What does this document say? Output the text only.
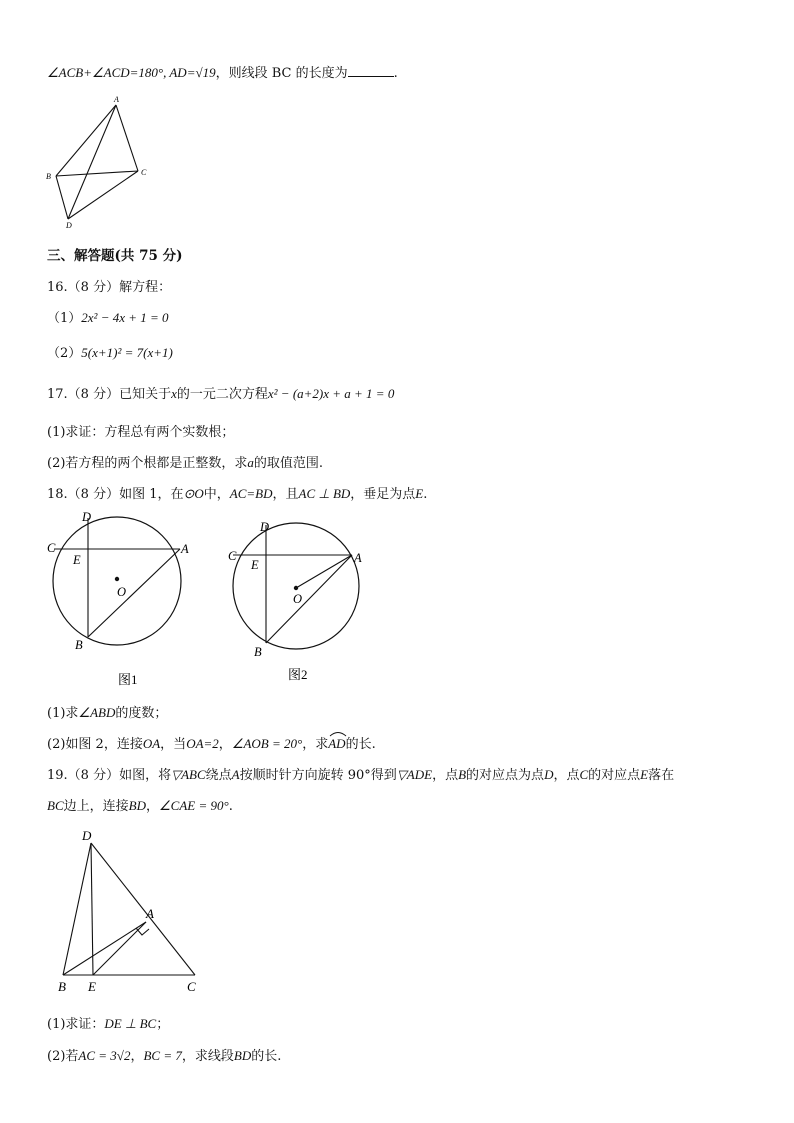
∠ACB+∠ACD=180°, AD=√19，则线段 BC 的长度为	.
A
B	C
D
三、解答题(共 75 分)
16.（8 分）解方程：
（1）2x² − 4x + 1 = 0
（2）5(x+1)² = 7(x+1)
17.（8 分）已知关于x的一元二次方程x² − (a+2)x + a + 1 = 0
(1)求证：方程总有两个实数根；
(2)若方程的两个根都是正整数，求a的取值范围.
18.（8 分）如图 1，在⊙O中，AC=BD，且AC ⊥ BD，垂足为点E.
D
C	A
E
O
B
图1
D
C	A
E
O
B
图2
(1)求∠ABD的度数；
(2)如图 2，连接OA，当OA=2，∠AOB = 20°，求AD
的长.
19.（8 分）如图，将▽ABC绕点A按顺时针方向旋转 90°得到▽ADE，点B的对应点为点D，点C的对应点E落在
BC边上，连接BD，∠CAE = 90°.
D
A
B E	C
(1)求证：DE ⊥ BC；
(2)若AC = 3√2，BC = 7，求线段BD的长.
